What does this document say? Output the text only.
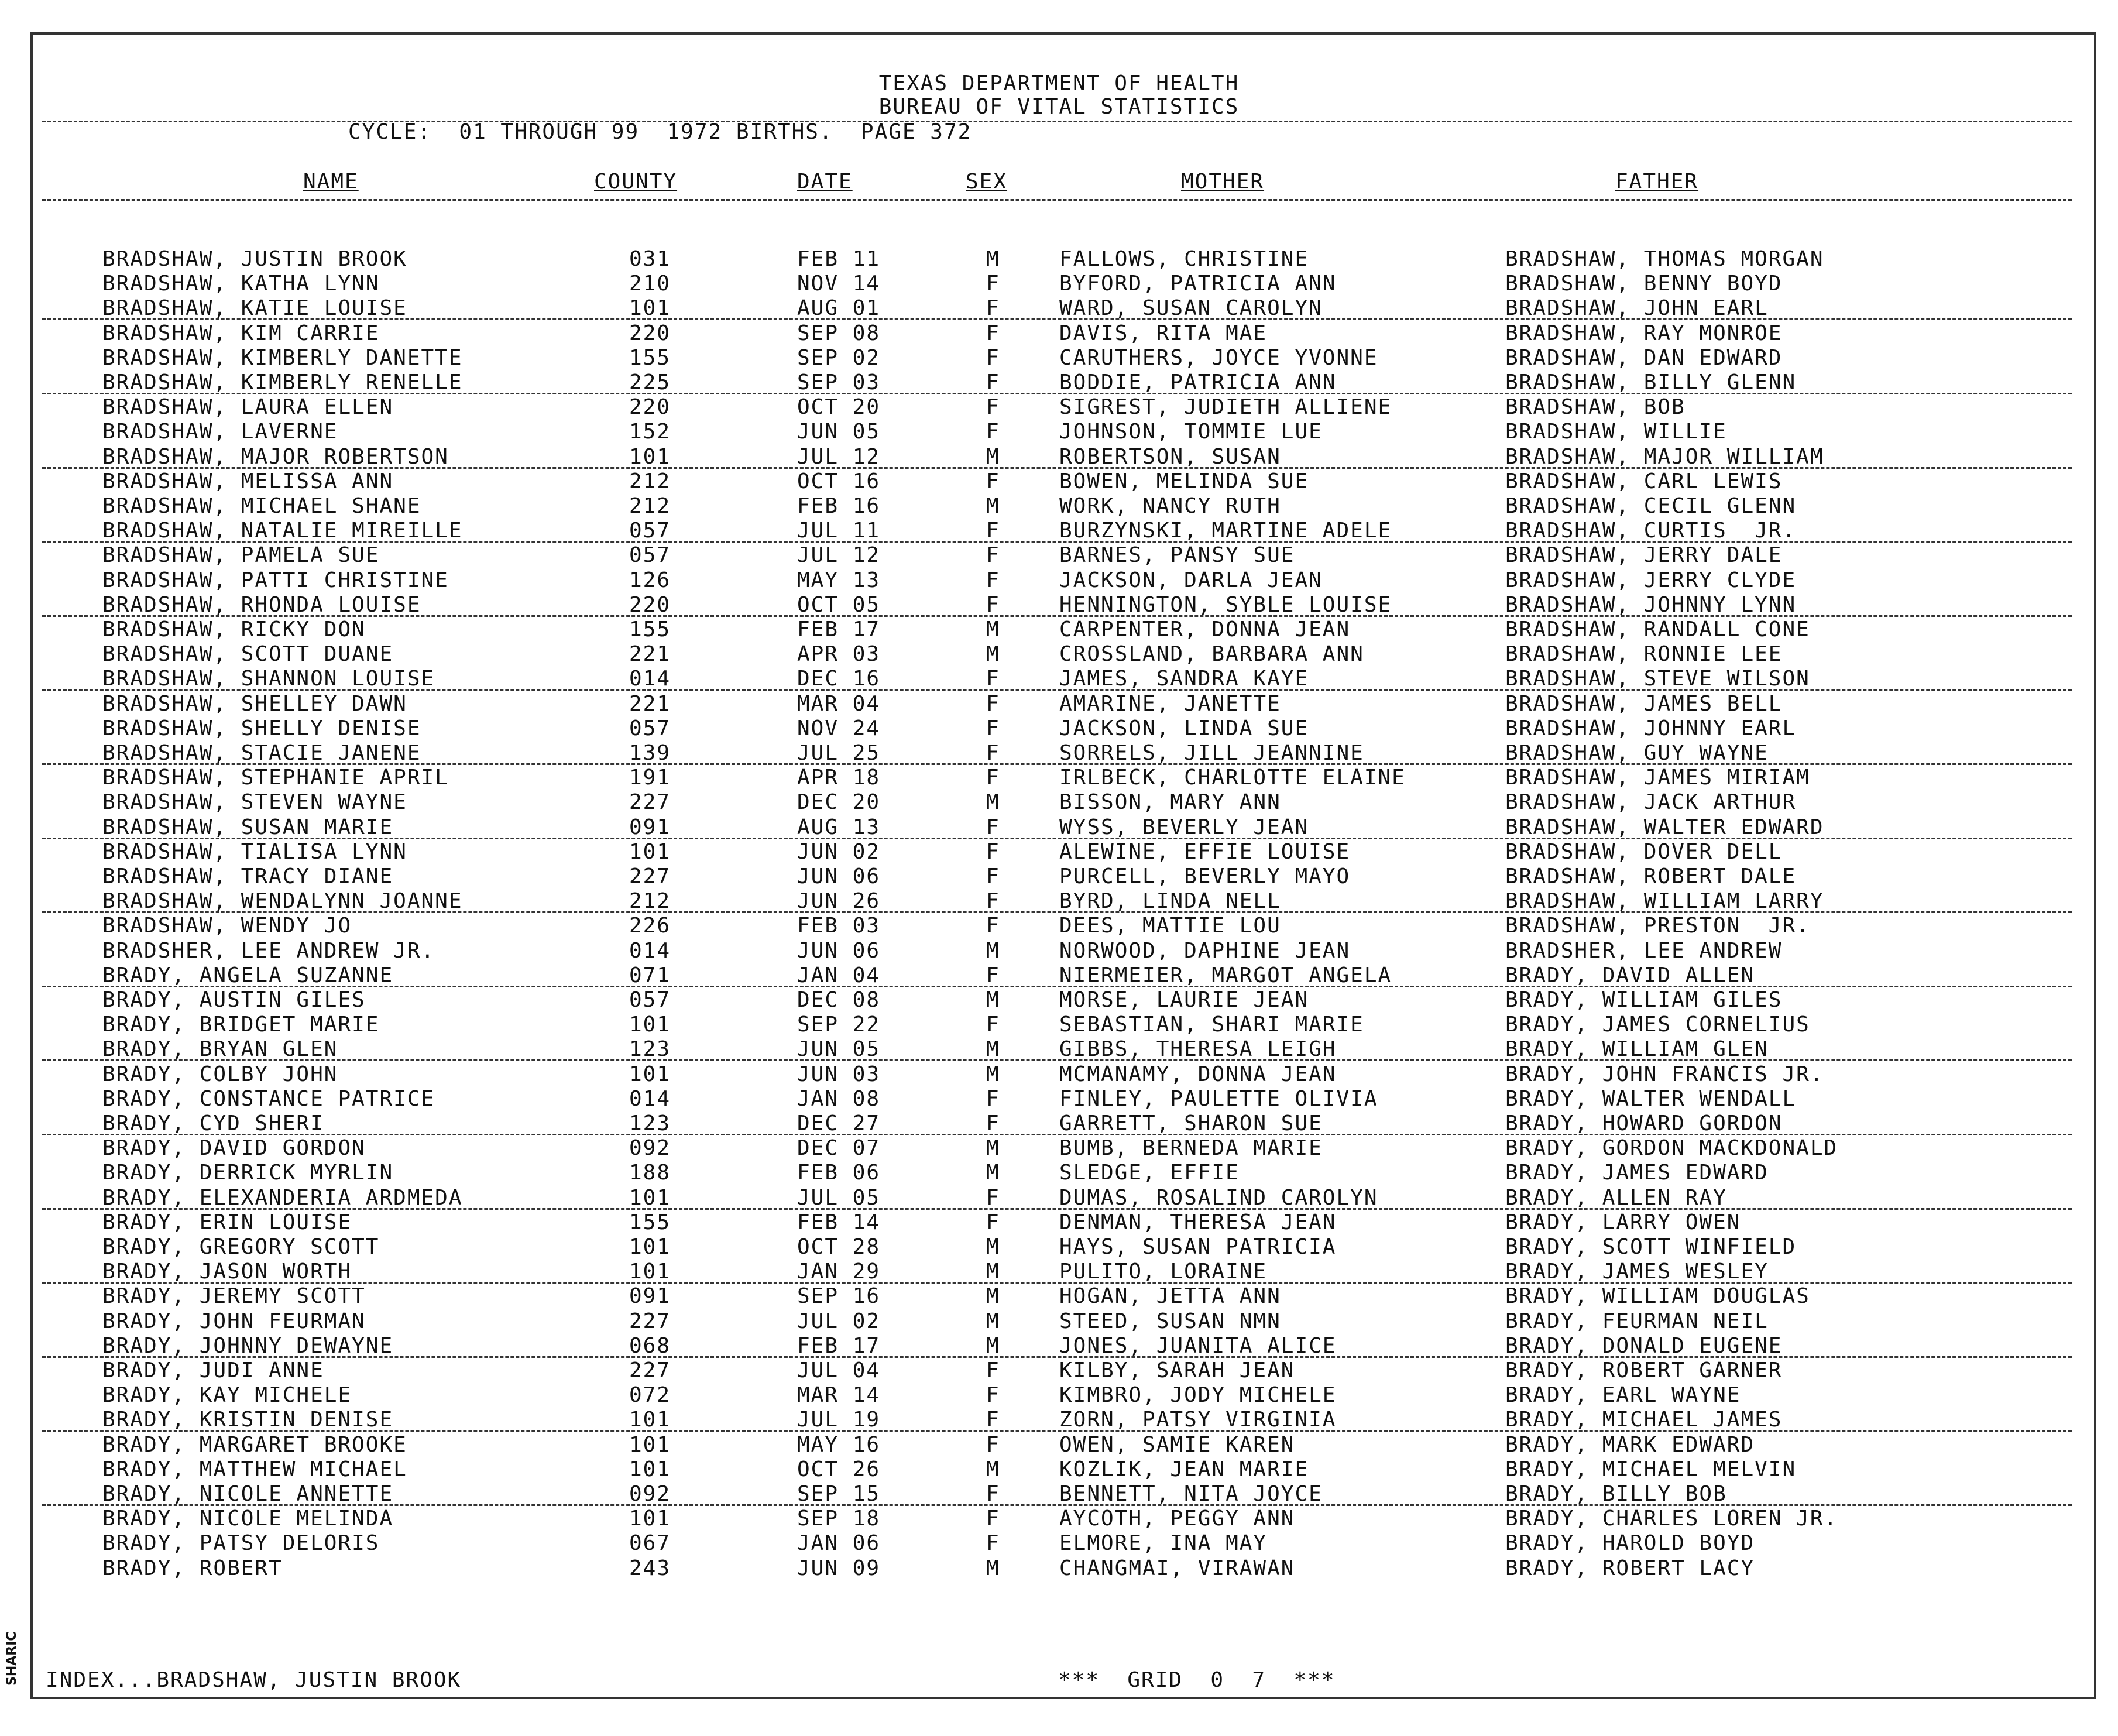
TEXAS DEPARTMENT OF HEALTH
BUREAU OF VITAL STATISTICS
CYCLE:  01 THROUGH 99  1972 BIRTHS.  PAGE 372
NAME	COUNTY	DATE	SEX	MOTHER	FATHER
BRADSHAW, JUSTIN BROOK	031	FEB 11	M	FALLOWS, CHRISTINE	BRADSHAW, THOMAS MORGAN
BRADSHAW, KATHA LYNN	210	NOV 14	F	BYFORD, PATRICIA ANN	BRADSHAW, BENNY BOYD
BRADSHAW, KATIE LOUISE	101	AUG 01	F	WARD, SUSAN CAROLYN	BRADSHAW, JOHN EARL
BRADSHAW, KIM CARRIE	220	SEP 08	F	DAVIS, RITA MAE	BRADSHAW, RAY MONROE
BRADSHAW, KIMBERLY DANETTE	155	SEP 02	F	CARUTHERS, JOYCE YVONNE	BRADSHAW, DAN EDWARD
BRADSHAW, KIMBERLY RENELLE	225	SEP 03	F	BODDIE, PATRICIA ANN	BRADSHAW, BILLY GLENN
BRADSHAW, LAURA ELLEN	220	OCT 20	F	SIGREST, JUDIETH ALLIENE	BRADSHAW, BOB
BRADSHAW, LAVERNE	152	JUN 05	F	JOHNSON, TOMMIE LUE	BRADSHAW, WILLIE
BRADSHAW, MAJOR ROBERTSON	101	JUL 12	M	ROBERTSON, SUSAN	BRADSHAW, MAJOR WILLIAM
BRADSHAW, MELISSA ANN	212	OCT 16	F	BOWEN, MELINDA SUE	BRADSHAW, CARL LEWIS
BRADSHAW, MICHAEL SHANE	212	FEB 16	M	WORK, NANCY RUTH	BRADSHAW, CECIL GLENN
BRADSHAW, NATALIE MIREILLE	057	JUL 11	F	BURZYNSKI, MARTINE ADELE	BRADSHAW, CURTIS  JR.
BRADSHAW, PAMELA SUE	057	JUL 12	F	BARNES, PANSY SUE	BRADSHAW, JERRY DALE
BRADSHAW, PATTI CHRISTINE	126	MAY 13	F	JACKSON, DARLA JEAN	BRADSHAW, JERRY CLYDE
BRADSHAW, RHONDA LOUISE	220	OCT 05	F	HENNINGTON, SYBLE LOUISE	BRADSHAW, JOHNNY LYNN
BRADSHAW, RICKY DON	155	FEB 17	M	CARPENTER, DONNA JEAN	BRADSHAW, RANDALL CONE
BRADSHAW, SCOTT DUANE	221	APR 03	M	CROSSLAND, BARBARA ANN	BRADSHAW, RONNIE LEE
BRADSHAW, SHANNON LOUISE	014	DEC 16	F	JAMES, SANDRA KAYE	BRADSHAW, STEVE WILSON
BRADSHAW, SHELLEY DAWN	221	MAR 04	F	AMARINE, JANETTE	BRADSHAW, JAMES BELL
BRADSHAW, SHELLY DENISE	057	NOV 24	F	JACKSON, LINDA SUE	BRADSHAW, JOHNNY EARL
BRADSHAW, STACIE JANENE	139	JUL 25	F	SORRELS, JILL JEANNINE	BRADSHAW, GUY WAYNE
BRADSHAW, STEPHANIE APRIL	191	APR 18	F	IRLBECK, CHARLOTTE ELAINE	BRADSHAW, JAMES MIRIAM
BRADSHAW, STEVEN WAYNE	227	DEC 20	M	BISSON, MARY ANN	BRADSHAW, JACK ARTHUR
BRADSHAW, SUSAN MARIE	091	AUG 13	F	WYSS, BEVERLY JEAN	BRADSHAW, WALTER EDWARD
BRADSHAW, TIALISA LYNN	101	JUN 02	F	ALEWINE, EFFIE LOUISE	BRADSHAW, DOVER DELL
BRADSHAW, TRACY DIANE	227	JUN 06	F	PURCELL, BEVERLY MAYO	BRADSHAW, ROBERT DALE
BRADSHAW, WENDALYNN JOANNE	212	JUN 26	F	BYRD, LINDA NELL	BRADSHAW, WILLIAM LARRY
BRADSHAW, WENDY JO	226	FEB 03	F	DEES, MATTIE LOU	BRADSHAW, PRESTON  JR.
BRADSHER, LEE ANDREW JR.	014	JUN 06	M	NORWOOD, DAPHINE JEAN	BRADSHER, LEE ANDREW
BRADY, ANGELA SUZANNE	071	JAN 04	F	NIERMEIER, MARGOT ANGELA	BRADY, DAVID ALLEN
BRADY, AUSTIN GILES	057	DEC 08	M	MORSE, LAURIE JEAN	BRADY, WILLIAM GILES
BRADY, BRIDGET MARIE	101	SEP 22	F	SEBASTIAN, SHARI MARIE	BRADY, JAMES CORNELIUS
BRADY, BRYAN GLEN	123	JUN 05	M	GIBBS, THERESA LEIGH	BRADY, WILLIAM GLEN
BRADY, COLBY JOHN	101	JUN 03	M	MCMANAMY, DONNA JEAN	BRADY, JOHN FRANCIS JR.
BRADY, CONSTANCE PATRICE	014	JAN 08	F	FINLEY, PAULETTE OLIVIA	BRADY, WALTER WENDALL
BRADY, CYD SHERI	123	DEC 27	F	GARRETT, SHARON SUE	BRADY, HOWARD GORDON
BRADY, DAVID GORDON	092	DEC 07	M	BUMB, BERNEDA MARIE	BRADY, GORDON MACKDONALD
BRADY, DERRICK MYRLIN	188	FEB 06	M	SLEDGE, EFFIE	BRADY, JAMES EDWARD
BRADY, ELEXANDERIA ARDMEDA	101	JUL 05	F	DUMAS, ROSALIND CAROLYN	BRADY, ALLEN RAY
BRADY, ERIN LOUISE	155	FEB 14	F	DENMAN, THERESA JEAN	BRADY, LARRY OWEN
BRADY, GREGORY SCOTT	101	OCT 28	M	HAYS, SUSAN PATRICIA	BRADY, SCOTT WINFIELD
BRADY, JASON WORTH	101	JAN 29	M	PULITO, LORAINE	BRADY, JAMES WESLEY
BRADY, JEREMY SCOTT	091	SEP 16	M	HOGAN, JETTA ANN	BRADY, WILLIAM DOUGLAS
BRADY, JOHN FEURMAN	227	JUL 02	M	STEED, SUSAN NMN	BRADY, FEURMAN NEIL
BRADY, JOHNNY DEWAYNE	068	FEB 17	M	JONES, JUANITA ALICE	BRADY, DONALD EUGENE
BRADY, JUDI ANNE	227	JUL 04	F	KILBY, SARAH JEAN	BRADY, ROBERT GARNER
BRADY, KAY MICHELE	072	MAR 14	F	KIMBRO, JODY MICHELE	BRADY, EARL WAYNE
BRADY, KRISTIN DENISE	101	JUL 19	F	ZORN, PATSY VIRGINIA	BRADY, MICHAEL JAMES
BRADY, MARGARET BROOKE	101	MAY 16	F	OWEN, SAMIE KAREN	BRADY, MARK EDWARD
BRADY, MATTHEW MICHAEL	101	OCT 26	M	KOZLIK, JEAN MARIE	BRADY, MICHAEL MELVIN
BRADY, NICOLE ANNETTE	092	SEP 15	F	BENNETT, NITA JOYCE	BRADY, BILLY BOB
BRADY, NICOLE MELINDA	101	SEP 18	F	AYCOTH, PEGGY ANN	BRADY, CHARLES LOREN JR.
BRADY, PATSY DELORIS	067	JAN 06	F	ELMORE, INA MAY	BRADY, HAROLD BOYD
BRADY, ROBERT	243	JUN 09	M	CHANGMAI, VIRAWAN	BRADY, ROBERT LACY
INDEX...BRADSHAW, JUSTIN BROOK	***  GRID  0  7  ***
SHARIC
